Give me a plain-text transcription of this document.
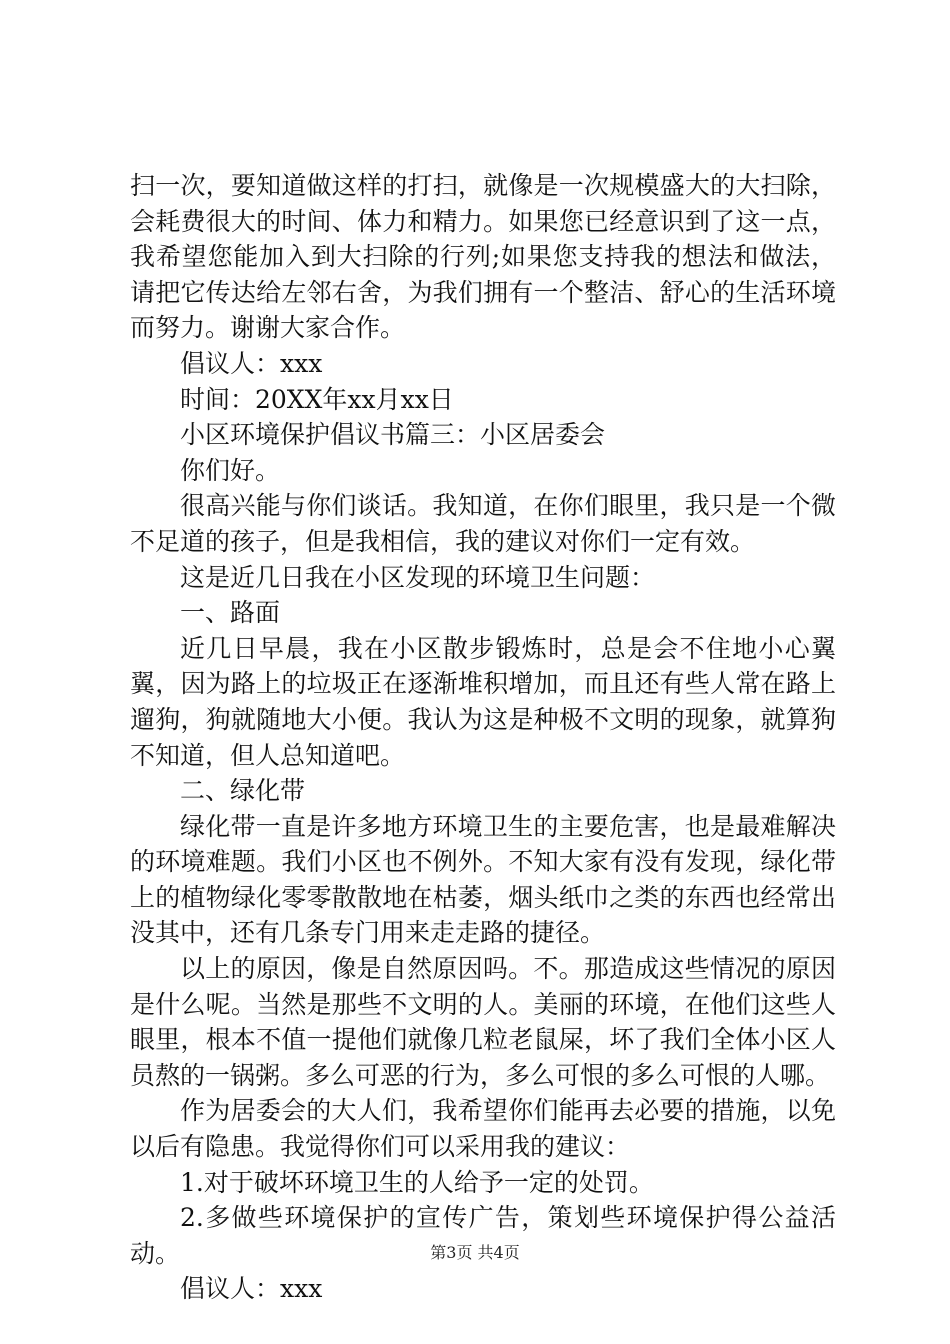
扫一次，要知道做这样的打扫，就像是一次规模盛大的大扫除，会耗费很大的时间、体力和精力。如果您已经意识到了这一点，我希望您能加入到大扫除的行列;如果您支持我的想法和做法，请把它传达给左邻右舍，为我们拥有一个整洁、舒心的生活环境而努力。谢谢大家合作。

倡议人：xxx

时间：20XX年xx月xx日

小区环境保护倡议书篇三：小区居委会

你们好。

很高兴能与你们谈话。我知道，在你们眼里，我只是一个微不足道的孩子，但是我相信，我的建议对你们一定有效。

这是近几日我在小区发现的环境卫生问题：

一、路面

近几日早晨，我在小区散步锻炼时，总是会不住地小心翼翼，因为路上的垃圾正在逐渐堆积增加，而且还有些人常在路上遛狗，狗就随地大小便。我认为这是种极不文明的现象，就算狗不知道，但人总知道吧。

二、绿化带

绿化带一直是许多地方环境卫生的主要危害，也是最难解决的环境难题。我们小区也不例外。不知大家有没有发现，绿化带上的植物绿化零零散散地在枯萎，烟头纸巾之类的东西也经常出没其中，还有几条专门用来走走路的捷径。

以上的原因，像是自然原因吗。不。那造成这些情况的原因是什么呢。当然是那些不文明的人。美丽的环境，在他们这些人眼里，根本不值一提他们就像几粒老鼠屎，坏了我们全体小区人员熬的一锅粥。多么可恶的行为，多么可恨的多么可恨的人哪。

作为居委会的大人们，我希望你们能再去必要的措施，以免以后有隐患。我觉得你们可以采用我的建议：

1.对于破坏环境卫生的人给予一定的处罚。

2.多做些环境保护的宣传广告，策划些环境保护得公益活动。

倡议人：xxx

第3页 共4页
